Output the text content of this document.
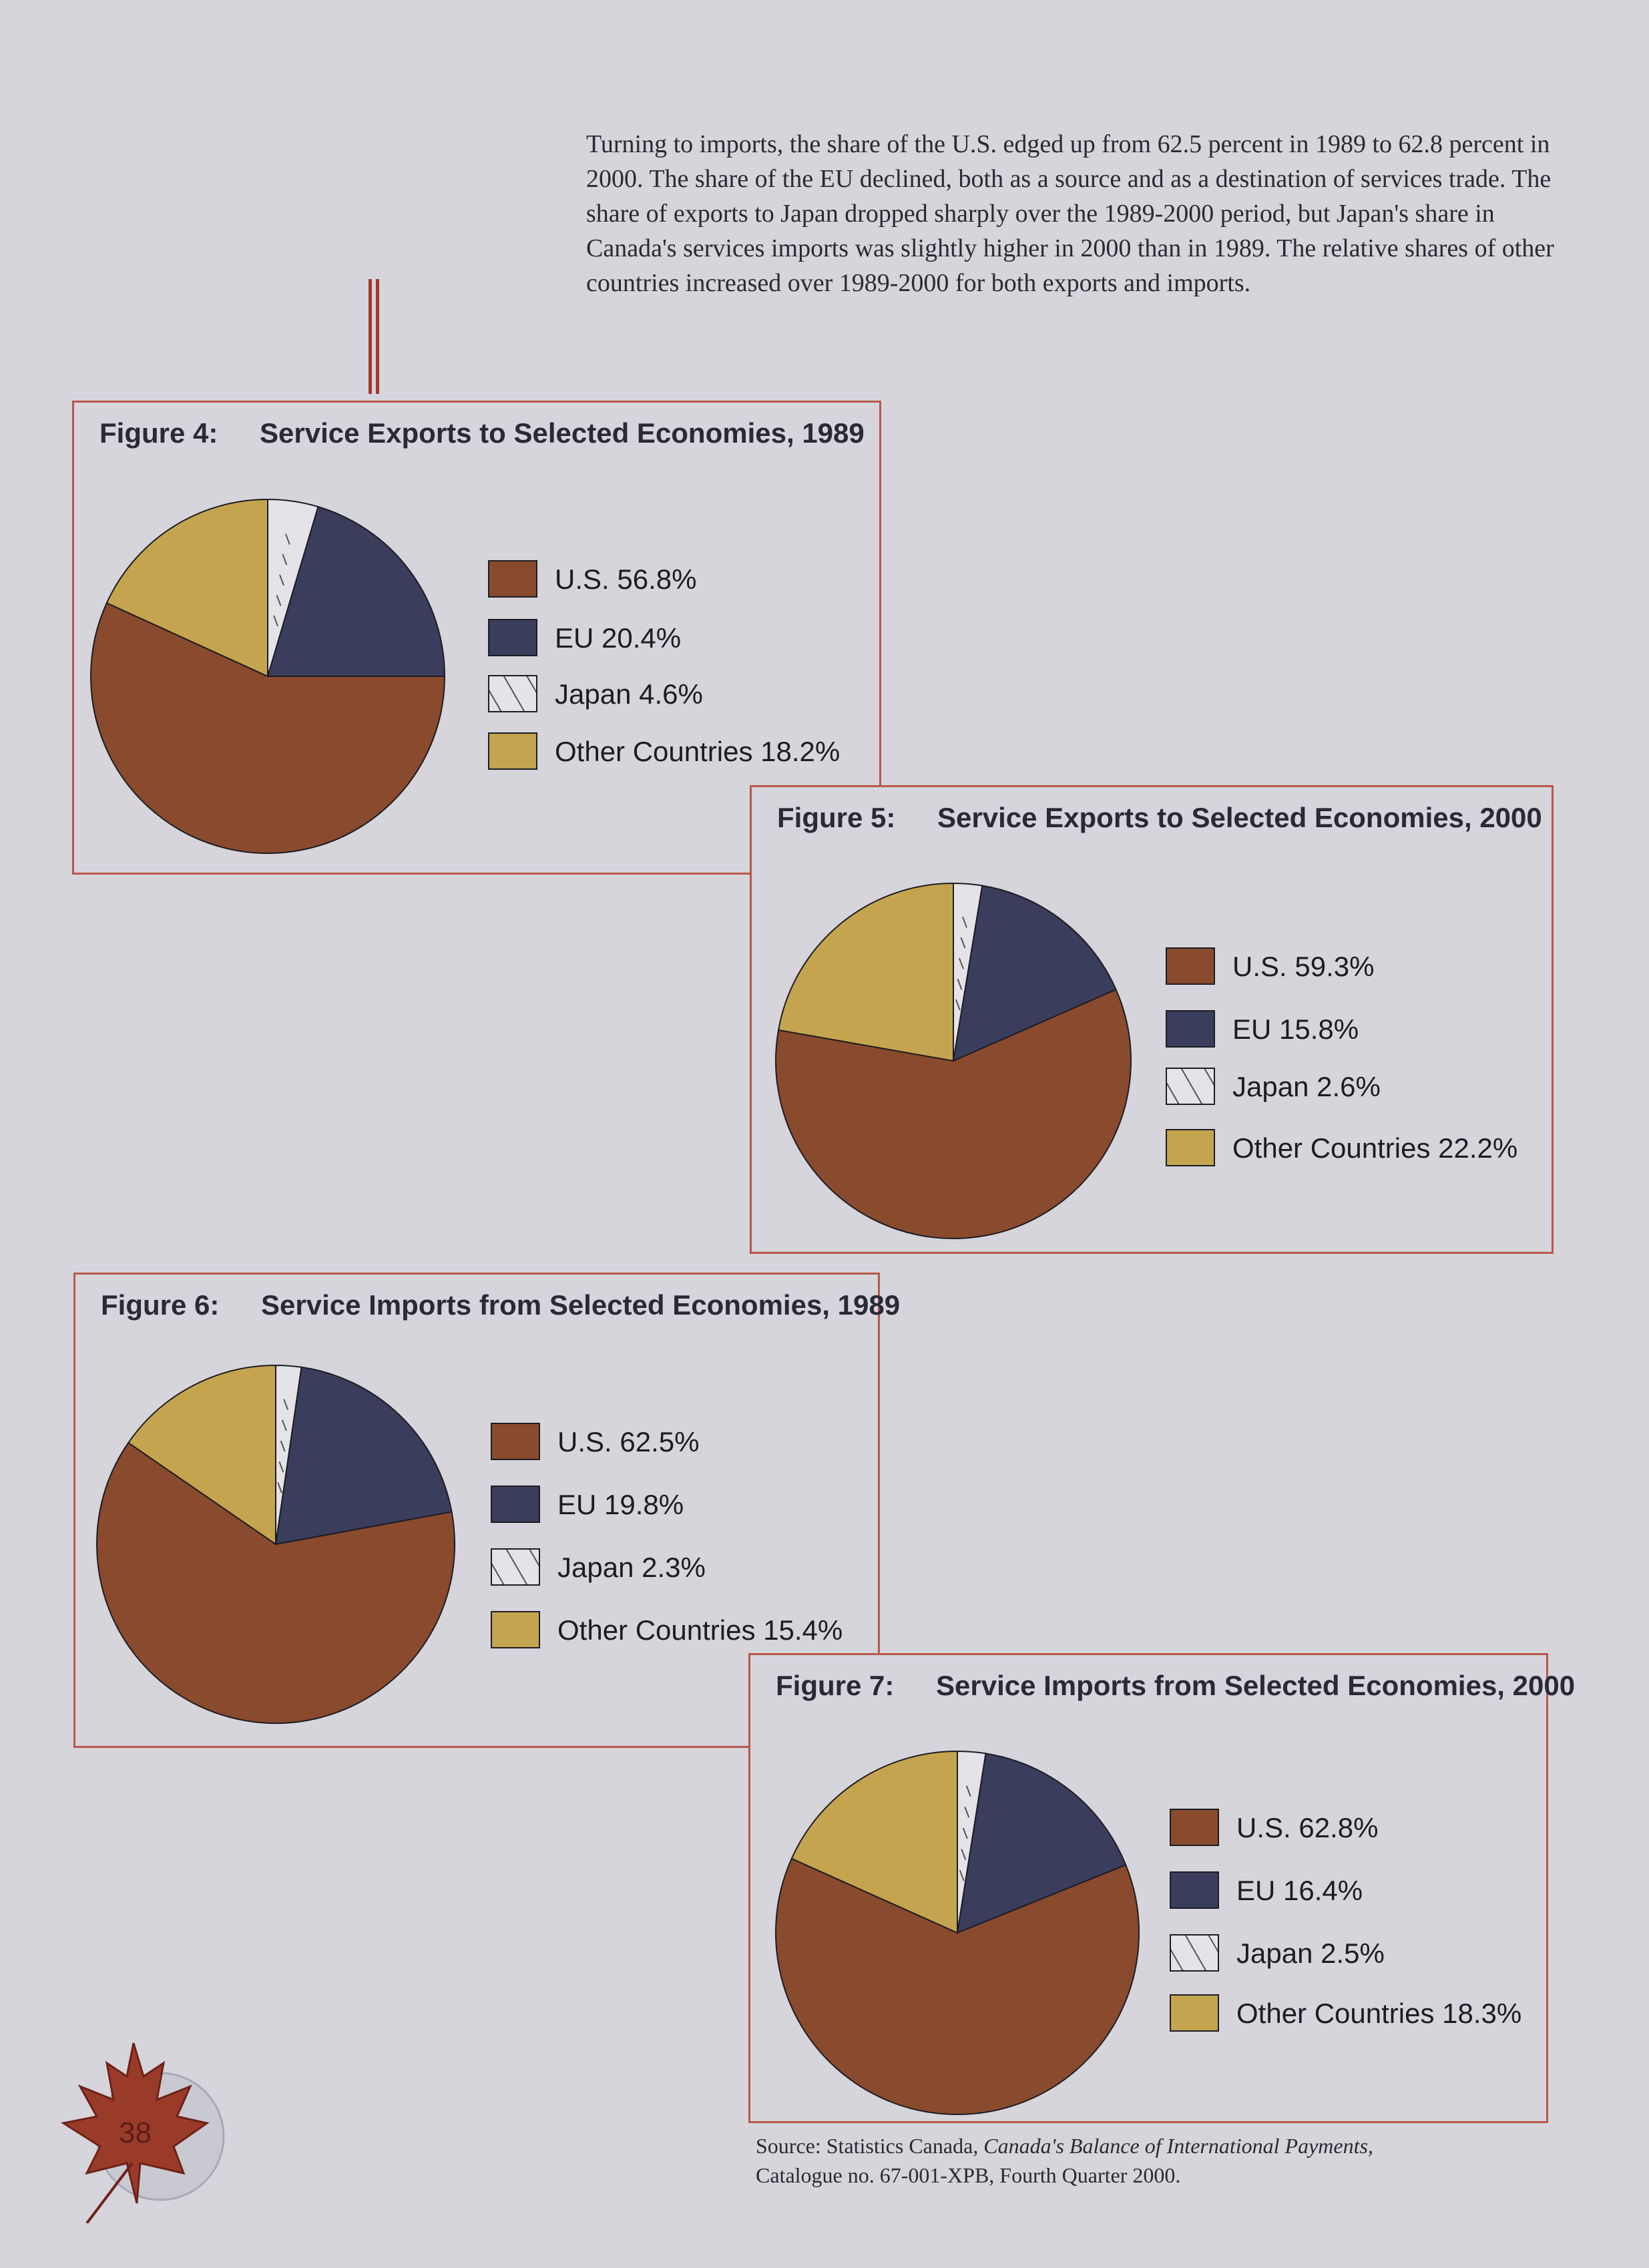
Turning to imports, the share of the U.S. edged up from 62.5 percent in 1989 to 62.8 percent in 2000. The share of the EU declined, both as a source and as a destination of services trade. The share of exports to Japan dropped sharply over the 1989-2000 period, but Japan's share in Canada's services imports was slightly higher in 2000 than in 1989. The relative shares of other countries increased over 1989-2000 for both exports and imports.

Figure 4: Service Exports to Selected Economies, 1989
U.S. 56.8%
EU 20.4%
Japan 4.6%
Other Countries 18.2%
Figure 5: Service Exports to Selected Economies, 2000
U.S. 59.3%
EU 15.8%
Japan 2.6%
Other Countries 22.2%
Figure 6: Service Imports from Selected Economies, 1989
U.S. 62.5%
EU 19.8%
Japan 2.3%
Other Countries 15.4%
Figure 7: Service Imports from Selected Economies, 2000
U.S. 62.8%
EU 16.4%
Japan 2.5%
Other Countries 18.3%
Source: Statistics Canada, Canada's Balance of International Payments,
Catalogue no. 67-001-XPB, Fourth Quarter 2000.
38
